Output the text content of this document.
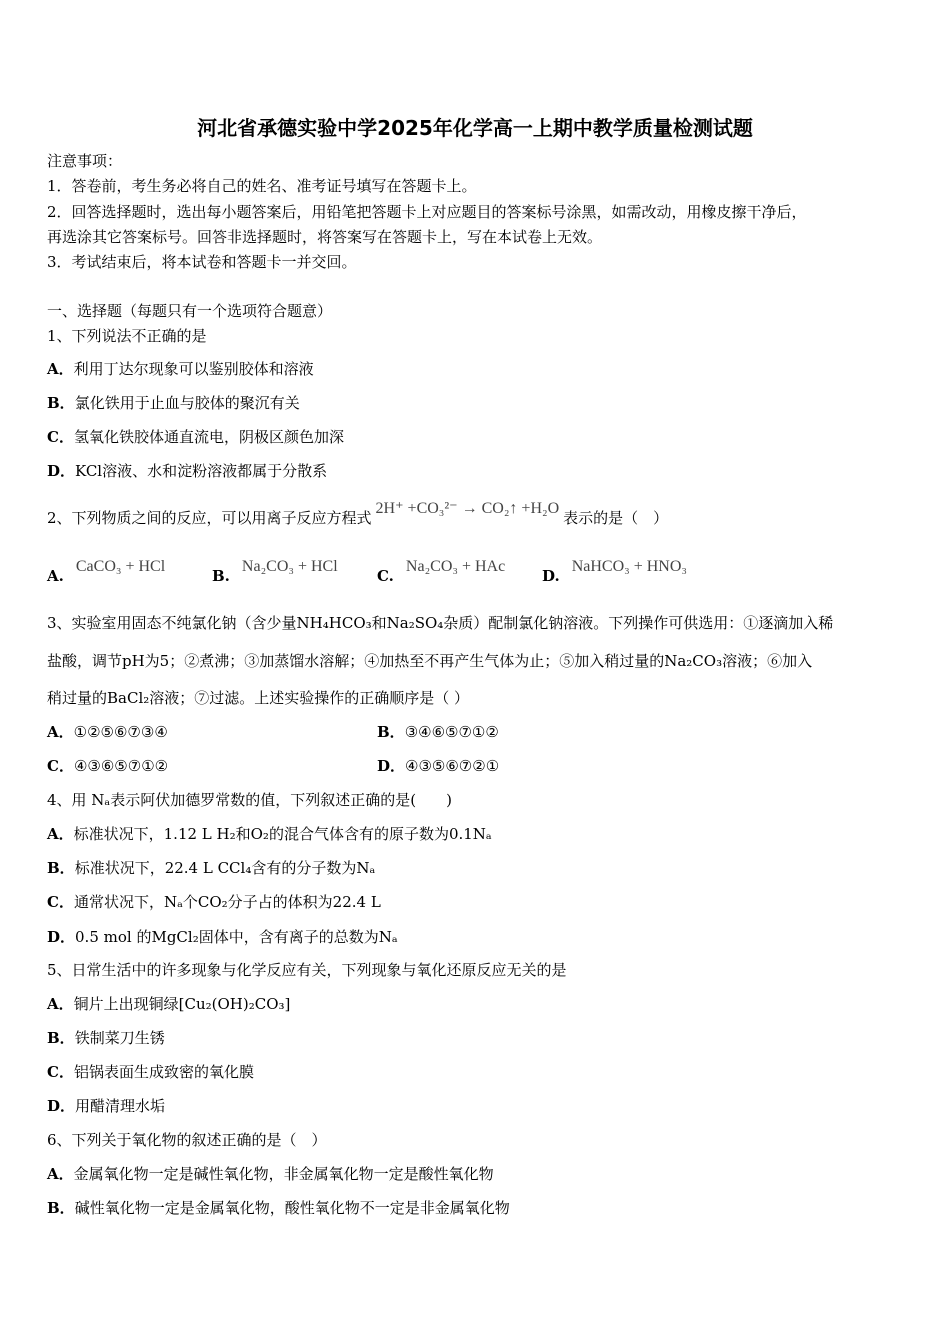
河北省承德实验中学2025年化学高一上期中教学质量检测试题
注意事项：
1．答卷前，考生务必将自己的姓名、准考证号填写在答题卡上。
2．回答选择题时，选出每小题答案后，用铅笔把答题卡上对应题目的答案标号涂黑，如需改动，用橡皮擦干净后，
再选涂其它答案标号。回答非选择题时，将答案写在答题卡上，写在本试卷上无效。
3．考试结束后，将本试卷和答题卡一并交回。
一、选择题（每题只有一个选项符合题意）
1、下列说法不正确的是
A．利用丁达尔现象可以鉴别胶体和溶液
B．氯化铁用于止血与胶体的聚沉有关
C．氢氧化铁胶体通直流电，阴极区颜色加深
D．KCl溶液、水和淀粉溶液都属于分散系
2、下列物质之间的反应，可以用离子反应方程式2H⁺ +CO₃²⁻ → CO₂↑ +H₂O表示的是（　）
A.CaCO₃ + HCl
B.Na₂CO₃ + HCl
C.Na₂CO₃ + HAc
D.NaHCO₃ + HNO₃
3、实验室用固态不纯氯化钠（含少量NH₄HCO₃和Na₂SO₄杂质）配制氯化钠溶液。下列操作可供选用：①逐滴加入稀
盐酸，调节pH为5；②煮沸；③加蒸馏水溶解；④加热至不再产生气体为止；⑤加入稍过量的Na₂CO₃溶液；⑥加入
稍过量的BaCl₂溶液；⑦过滤。上述实验操作的正确顺序是（ ）
A．①②⑤⑥⑦③④	B．③④⑥⑤⑦①②
C．④③⑥⑤⑦①②	D．④③⑤⑥⑦②①
4、用 Nₐ表示阿伏加德罗常数的值，下列叙述正确的是(　　)
A．标准状况下，1.12 L H₂和O₂的混合气体含有的原子数为0.1Nₐ
B．标准状况下，22.4 L CCl₄含有的分子数为Nₐ
C．通常状况下，Nₐ个CO₂分子占的体积为22.4 L
D．0.5 mol 的MgCl₂固体中，含有离子的总数为Nₐ
5、日常生活中的许多现象与化学反应有关，下列现象与氧化还原反应无关的是
A．铜片上出现铜绿[Cu₂(OH)₂CO₃]
B．铁制菜刀生锈
C．铝锅表面生成致密的氧化膜
D．用醋清理水垢
6、下列关于氧化物的叙述正确的是（　）
A．金属氧化物一定是碱性氧化物，非金属氧化物一定是酸性氧化物
B．碱性氧化物一定是金属氧化物，酸性氧化物不一定是非金属氧化物
